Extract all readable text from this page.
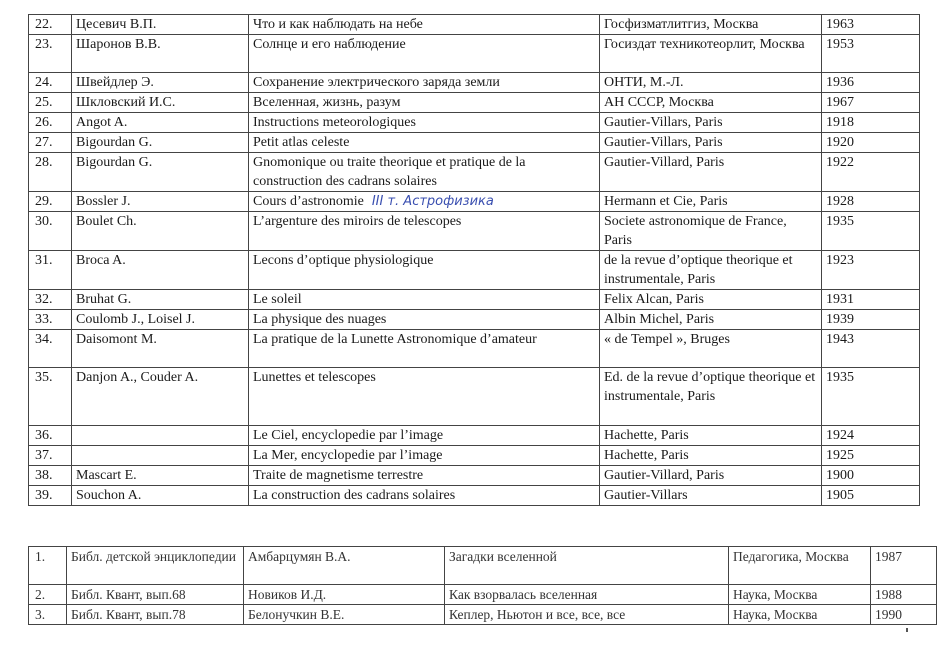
22.	Цесевич В.П.	Что и как наблюдать на небе	Госфизматлитгиз, Москва	1963
23.	Шаронов В.В.	Солнце и его наблюдение	Госиздат техникотеорлит, Москва	1953
24.	Швейдлер Э.	Сохранение электрического заряда земли	ОНТИ, М.-Л.	1936
25.	Шкловский И.С.	Вселенная, жизнь, разум	АН СССР, Москва	1967
26.	Angot A.	Instructions meteorologiques	Gautier-Villars, Paris	1918
27.	Bigourdan G.	Petit atlas celeste	Gautier-Villars, Paris	1920
28.	Bigourdan G.	Gnomonique ou traite theorique et pratique de la construction des cadrans solaires	Gautier-Villard, Paris	1922
29.	Bossler J.	Cours d’astronomie III т. Астрофизика	Hermann et Cie, Paris	1928
30.	Boulet Ch.	L’argenture des miroirs de telescopes	Societe astronomique de France, Paris	1935
31.	Broca A.	Lecons d’optique physiologique	de la revue d’optique theorique et instrumentale, Paris	1923
32.	Bruhat G.	Le soleil	Felix Alcan, Paris	1931
33.	Coulomb J., Loisel J.	La physique des nuages	Albin Michel, Paris	1939
34.	Daisomont M.	La pratique de la Lunette Astronomique d’amateur	« de Tempel », Bruges	1943
35.	Danjon A., Couder A.	Lunettes et telescopes	Ed. de la revue d’optique theorique et instrumentale, Paris	1935
36.		Le Ciel, encyclopedie par l’image	Hachette, Paris	1924
37.		La Mer, encyclopedie par l’image	Hachette, Paris	1925
38.	Mascart E.	Traite de magnetisme terrestre	Gautier-Villard, Paris	1900
39.	Souchon A.	La construction des cadrans solaires	Gautier-Villars	1905
1.	Библ. детской энциклопедии	Амбарцумян В.А.	Загадки вселенной	Педагогика, Москва	1987
2.	Библ. Квант, вып.68	Новиков И.Д.	Как взорвалась вселенная	Наука, Москва	1988
3.	Библ. Квант, вып.78	Белонучкин В.Е.	Кеплер, Ньютон и все, все, все	Наука, Москва	1990
